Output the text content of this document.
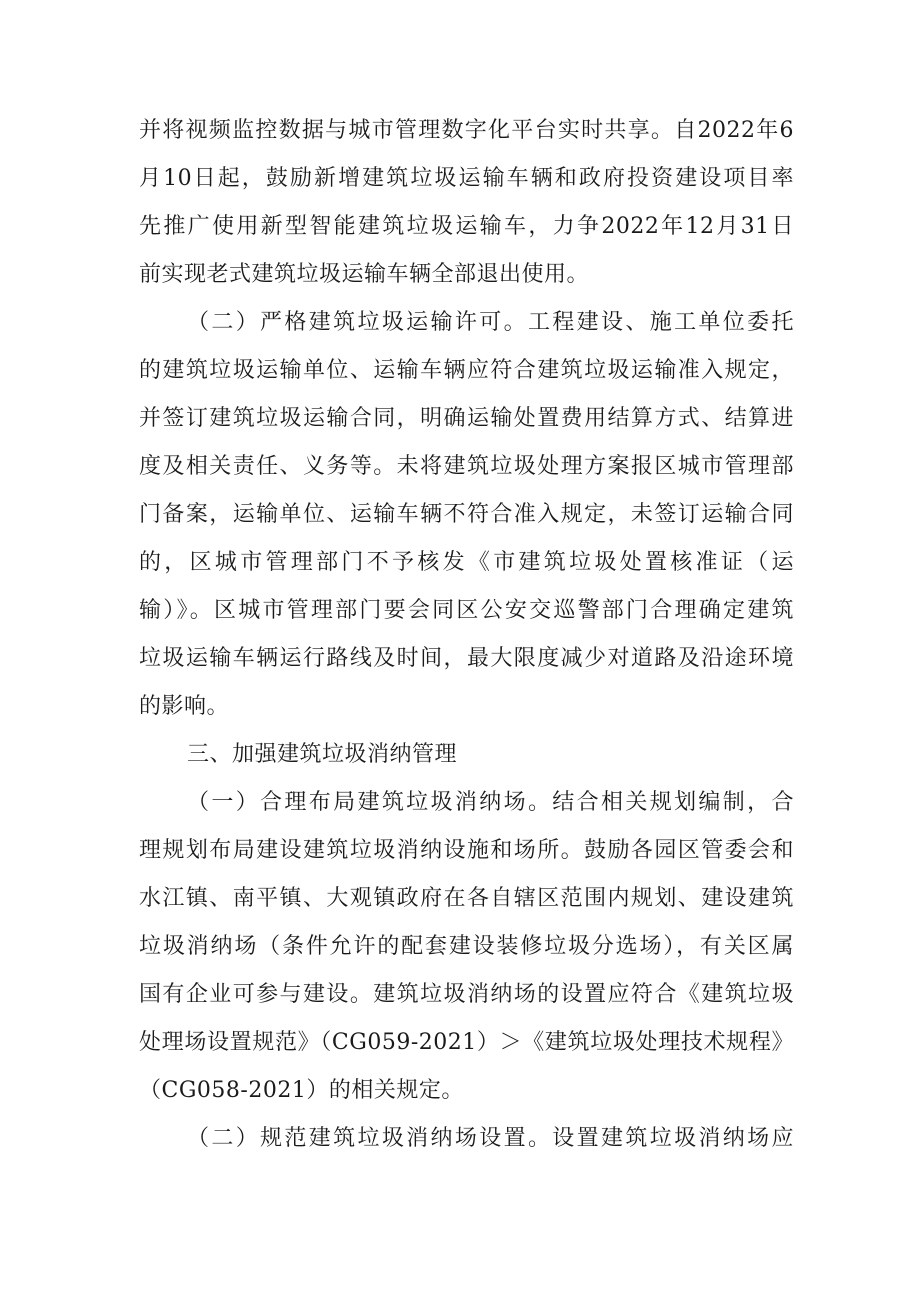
并将视频监控数据与城市管理数字化平台实时共享。自2022年6
月10日起，鼓励新增建筑垃圾运输车辆和政府投资建设项目率
先推广使用新型智能建筑垃圾运输车，力争2022年12月31日
前实现老式建筑垃圾运输车辆全部退出使用。
（二）严格建筑垃圾运输许可。工程建设、施工单位委托
的建筑垃圾运输单位、运输车辆应符合建筑垃圾运输准入规定，
并签订建筑垃圾运输合同，明确运输处置费用结算方式、结算进
度及相关责任、义务等。未将建筑垃圾处理方案报区城市管理部
门备案，运输单位、运输车辆不符合准入规定，未签订运输合同
的，区城市管理部门不予核发《市建筑垃圾处置核准证（运
输）》。区城市管理部门要会同区公安交巡警部门合理确定建筑
垃圾运输车辆运行路线及时间，最大限度减少对道路及沿途环境
的影响。
三、加强建筑垃圾消纳管理
（一）合理布局建筑垃圾消纳场。结合相关规划编制，合
理规划布局建设建筑垃圾消纳设施和场所。鼓励各园区管委会和
水江镇、南平镇、大观镇政府在各自辖区范围内规划、建设建筑
垃圾消纳场（条件允许的配套建设装修垃圾分选场），有关区属
国有企业可参与建设。建筑垃圾消纳场的设置应符合《建筑垃圾
处理场设置规范》（CG059-2021）＞《建筑垃圾处理技术规程》
（CG058-2021）的相关规定。
（二）规范建筑垃圾消纳场设置。设置建筑垃圾消纳场应
